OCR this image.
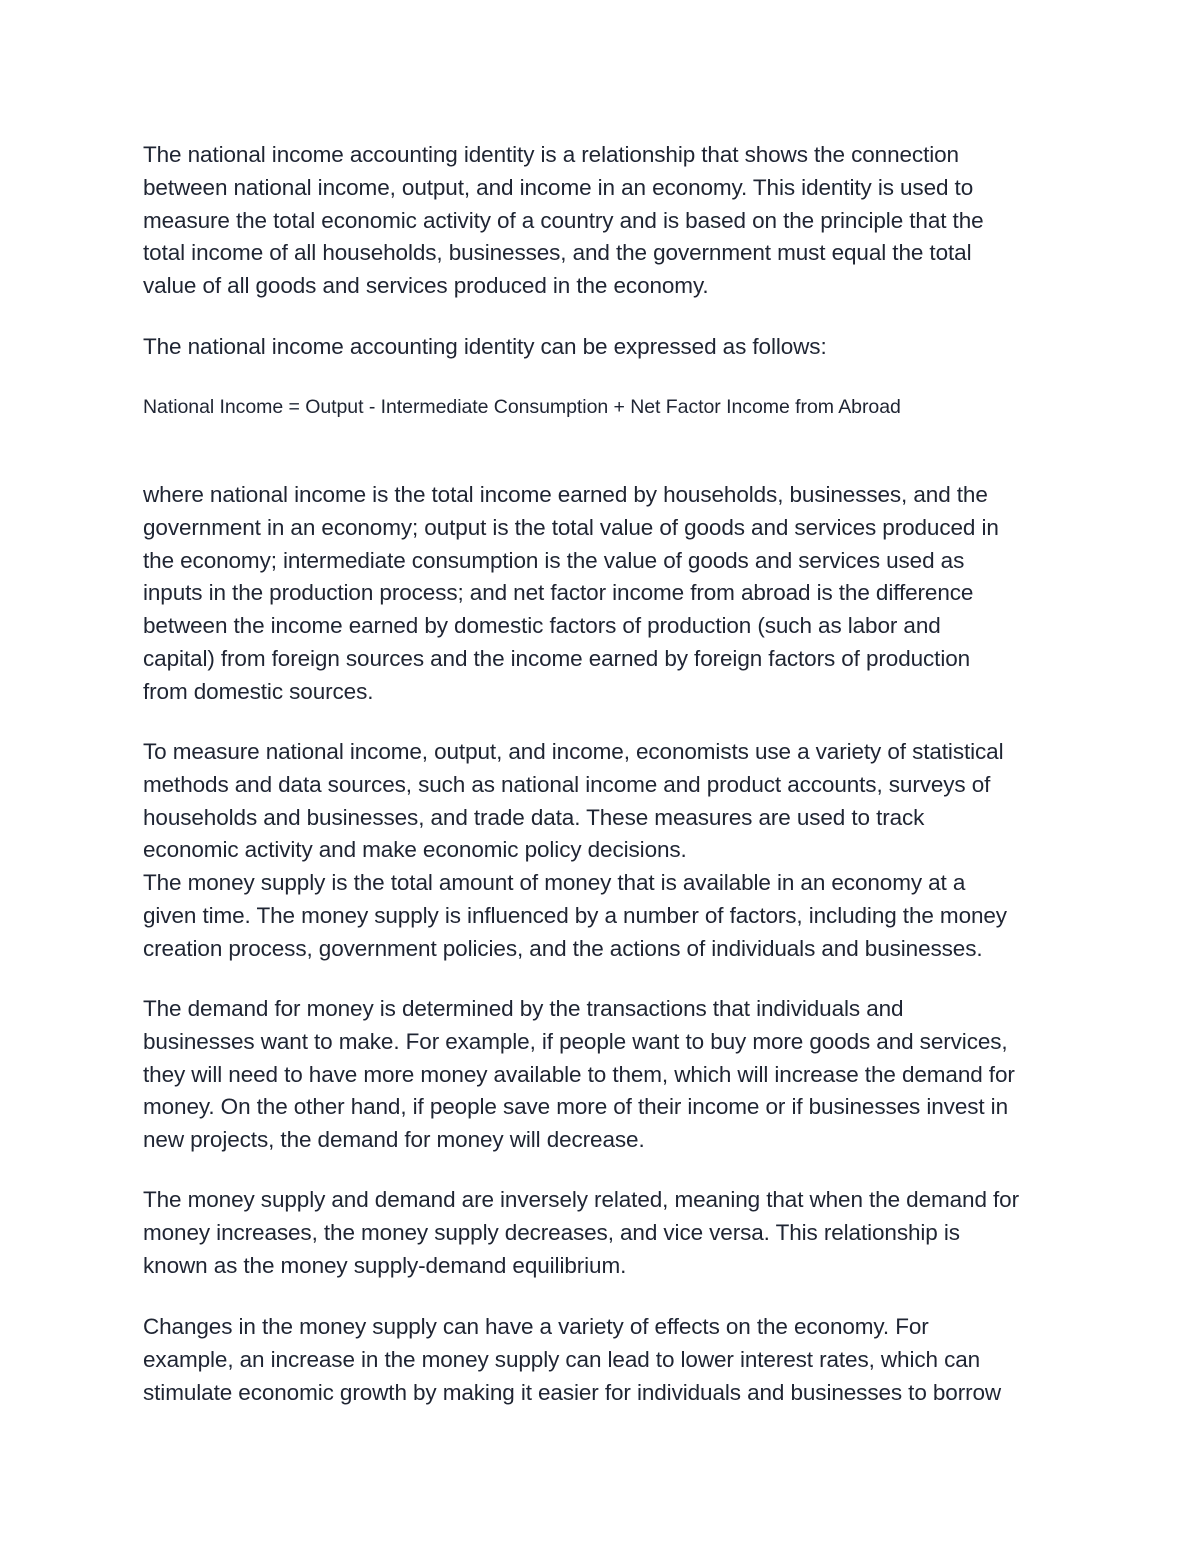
The national income accounting identity is a relationship that shows the connection
between national income, output, and income in an economy. This identity is used to
measure the total economic activity of a country and is based on the principle that the
total income of all households, businesses, and the government must equal the total
value of all goods and services produced in the economy.

The national income accounting identity can be expressed as follows:

National Income = Output - Intermediate Consumption + Net Factor Income from Abroad

where national income is the total income earned by households, businesses, and the
government in an economy; output is the total value of goods and services produced in
the economy; intermediate consumption is the value of goods and services used as
inputs in the production process; and net factor income from abroad is the difference
between the income earned by domestic factors of production (such as labor and
capital) from foreign sources and the income earned by foreign factors of production
from domestic sources.

To measure national income, output, and income, economists use a variety of statistical
methods and data sources, such as national income and product accounts, surveys of
households and businesses, and trade data. These measures are used to track
economic activity and make economic policy decisions.
The money supply is the total amount of money that is available in an economy at a
given time. The money supply is influenced by a number of factors, including the money
creation process, government policies, and the actions of individuals and businesses.

The demand for money is determined by the transactions that individuals and
businesses want to make. For example, if people want to buy more goods and services,
they will need to have more money available to them, which will increase the demand for
money. On the other hand, if people save more of their income or if businesses invest in
new projects, the demand for money will decrease.

The money supply and demand are inversely related, meaning that when the demand for
money increases, the money supply decreases, and vice versa. This relationship is
known as the money supply-demand equilibrium.

Changes in the money supply can have a variety of effects on the economy. For
example, an increase in the money supply can lead to lower interest rates, which can
stimulate economic growth by making it easier for individuals and businesses to borrow
